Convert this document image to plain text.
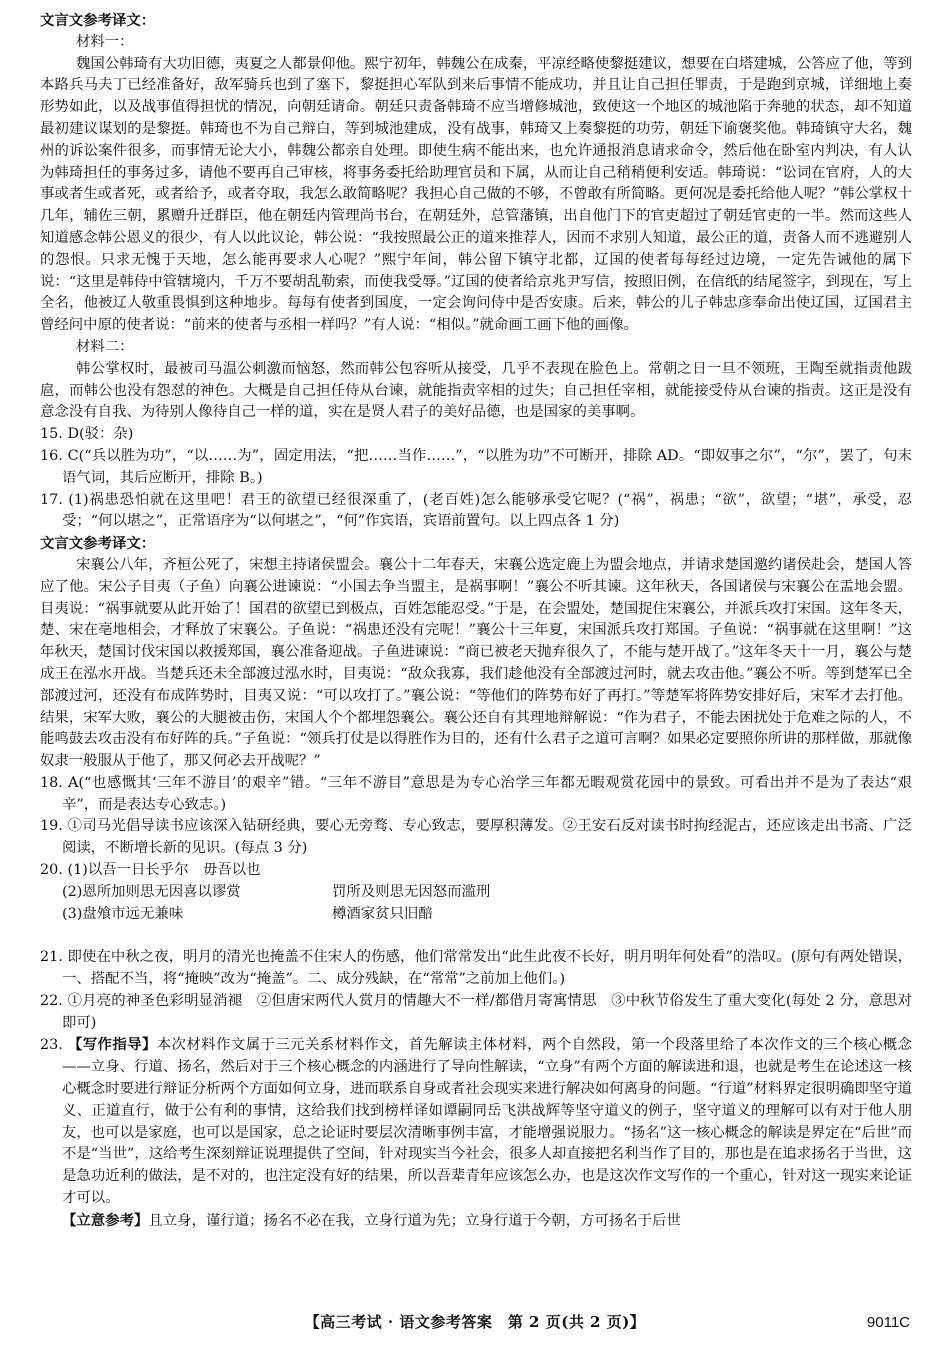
文言文参考译文：

材料一：

魏国公韩琦有大功旧德，夷夏之人都景仰他。熙宁初年，韩魏公在成秦，平凉经略使黎挺建议，想要在白塔建城，公答应了他，等到本路兵马夫丁已经准备好，敌军骑兵也到了塞下，黎挺担心军队到来后事情不能成功，并且让自己担任罪责，于是跑到京城，详细地上奏形势如此，以及战事值得担忧的情况，向朝廷请命。朝廷只责备韩琦不应当增修城池，致使这一个地区的城池陷于奔驰的状态，却不知道最初建议谋划的是黎挺。韩琦也不为自己辩白，等到城池建成，没有战事，韩琦又上奏黎挺的功劳，朝廷下谕褒奖他。韩琦镇守大名，魏州的诉讼案件很多，而事情无论大小，韩魏公都亲自处理。即使生病不能出来，也允许通报消息请求命令，然后他在卧室内判决，有人认为韩琦担任的事务过多，请他不要再自己审核，将事务委托给助理官员和下属，从而让自己稍稍便利安适。韩琦说：“讼词在官府，人的大事或者生或者死，或者给予，或者夺取，我怎么敢简略呢？我担心自己做的不够，不曾敢有所简略。更何况是委托给他人呢？”韩公掌权十几年，辅佐三朝，累赠升迁群臣，他在朝廷内管理尚书台，在朝廷外，总管藩镇，出自他门下的官吏超过了朝廷官吏的一半。然而这些人知道感念韩公恩义的很少，有人以此议论，韩公说：“我按照最公正的道来推荐人，因而不求别人知道，最公正的道，责备人而不逃避别人的怨恨。只求无愧于天地，怎么能再要求人心呢？”熙宁年间，韩公留下镇守北都，辽国的使者每每经过边境，一定先告诫他的属下说：“这里是韩侍中管辖境内，千万不要胡乱勒索，而使我受辱。”辽国的使者给京兆尹写信，按照旧例，在信纸的结尾签字，到现在，写上全名，他被辽人敬重畏惧到这种地步。每每有使者到国度，一定会询问侍中是否安康。后来，韩公的儿子韩忠彦奉命出使辽国，辽国君主曾经问中原的使者说：“前来的使者与丞相一样吗？”有人说：“相似。”就命画工画下他的画像。

材料二：

韩公掌权时，最被司马温公刺激而恼怒，然而韩公包容听从接受，几乎不表现在脸色上。常朝之日一旦不领班，王陶至就指责他跋扈，而韩公也没有怨怼的神色。大概是自己担任侍从台谏，就能指责宰相的过失；自己担任宰相，就能接受侍从台谏的指责。这正是没有意念没有自我、为待别人像待自己一样的道，实在是贤人君子的美好品德，也是国家的美事啊。

15. D(驳：杂)

16. C(“兵以胜为功”，“以……为”，固定用法，“把……当作……”，“以胜为功”不可断开，排除 AD。“即奴事之尔”，“尔”，罢了，句末语气词，其后应断开，排除 B。)

17. (1)祸患恐怕就在这里吧！君王的欲望已经很深重了，(老百姓)怎么能够承受它呢？(“祸”，祸患；“欲”，欲望；“堪”，承受，忍受；“何以堪之”，正常语序为“以何堪之”，“何”作宾语，宾语前置句。以上四点各 1 分)

文言文参考译文：

宋襄公八年，齐桓公死了，宋想主持诸侯盟会。襄公十二年春天，宋襄公选定鹿上为盟会地点，并请求楚国邀约诸侯赴会，楚国人答应了他。宋公子目夷（子鱼）向襄公进谏说：“小国去争当盟主，是祸事啊！”襄公不听其谏。这年秋天，各国诸侯与宋襄公在盂地会盟。目夷说：“祸事就要从此开始了！国君的欲望已到极点，百姓怎能忍受。”于是，在会盟处，楚国捉住宋襄公，并派兵攻打宋国。这年冬天，楚、宋在亳地相会，才释放了宋襄公。子鱼说：“祸患还没有完呢！”襄公十三年夏，宋国派兵攻打郑国。子鱼说：“祸事就在这里啊！”这年秋天，楚国讨伐宋国以救援郑国，襄公准备迎战。子鱼进谏说：“商已被老天抛弃很久了，不能与楚开战了。”这年冬天十一月，襄公与楚成王在泓水开战。当楚兵还未全部渡过泓水时，目夷说：“敌众我寡，我们趁他没有全部渡过河时，就去攻击他。”襄公不听。等到楚军已全部渡过河，还没有布成阵势时，目夷又说：“可以攻打了。”襄公说：“等他们的阵势布好了再打。”等楚军将阵势安排好后，宋军才去打他。结果，宋军大败，襄公的大腿被击伤，宋国人个个都埋怨襄公。襄公还自有其理地辩解说：“作为君子，不能去困扰处于危难之际的人，不能鸣鼓去攻击没有布好阵的兵。”子鱼说：“领兵打仗是以得胜作为目的，还有什么君子之道可言啊？如果必定要照你所讲的那样做，那就像奴隶一般服从于他了，那又何必去开战呢？”

18. A(“也感慨其‘三年不游目’的艰辛”错。“三年不游目”意思是为专心治学三年都无暇观赏花园中的景致。可看出并不是为了表达“艰辛”，而是表达专心致志。)

19. ①司马光倡导读书应该深入钻研经典，要心无旁骛、专心致志，要厚积薄发。②王安石反对读书时拘经泥古，还应该走出书斋、广泛阅读，不断增长新的见识。(每点 3 分)

20. (1)以吾一日长乎尔　毋吾以也

(2)恩所加则思无因喜以谬赏	罚所及则思无因怒而滥刑

(3)盘飧市远无兼味	樽酒家贫只旧醅

21. 即使在中秋之夜，明月的清光也掩盖不住宋人的伤感，他们常常发出“此生此夜不长好，明月明年何处看”的浩叹。(原句有两处错误，一、搭配不当，将“掩映”改为“掩盖”。二、成分残缺，在“常常”之前加上他们。)

22. ①月亮的神圣色彩明显消褪　②但唐宋两代人赏月的情趣大不一样/都借月寄寓情思　③中秋节俗发生了重大变化(每处 2 分，意思对即可)

23. 【写作指导】本次材料作文属于三元关系材料作文，首先解读主体材料，两个自然段，第一个段落里给了本次作文的三个核心概念——立身、行道、扬名，然后对于三个核心概念的内涵进行了导向性解读，“立身”有两个方面的解读进和退，也就是考生在论述这一核心概念时要进行辩证分析两个方面如何立身，进而联系自身或者社会现实来进行解决如何离身的问题。“行道”材料界定很明确即坚守道义、正道直行，做于公有利的事情，这给我们找到榜样译如谭嗣同岳飞洪战辉等坚守道义的例子，坚守道义的理解可以有对于他人朋友，也可以是家庭，也可以是国家，总之论证时要层次清晰事例丰富，才能增强说服力。“扬名”这一核心概念的解读是界定在“后世”而不是“当世”，这给考生深刻辩证说理提供了空间，针对现实当今社会，很多人却直接把名利当作了目的，那也是在追求扬名于当世，这是急功近利的做法，是不对的，也注定没有好的结果，所以吾辈青年应该怎么办，也是这次作文写作的一个重心，针对这一现实来论证才可以。

【立意参考】且立身，谨行道；扬名不必在我，立身行道为先；立身行道于今朝，方可扬名于后世

【高三考试 · 语文参考答案　第 2 页(共 2 页)】	9011C
